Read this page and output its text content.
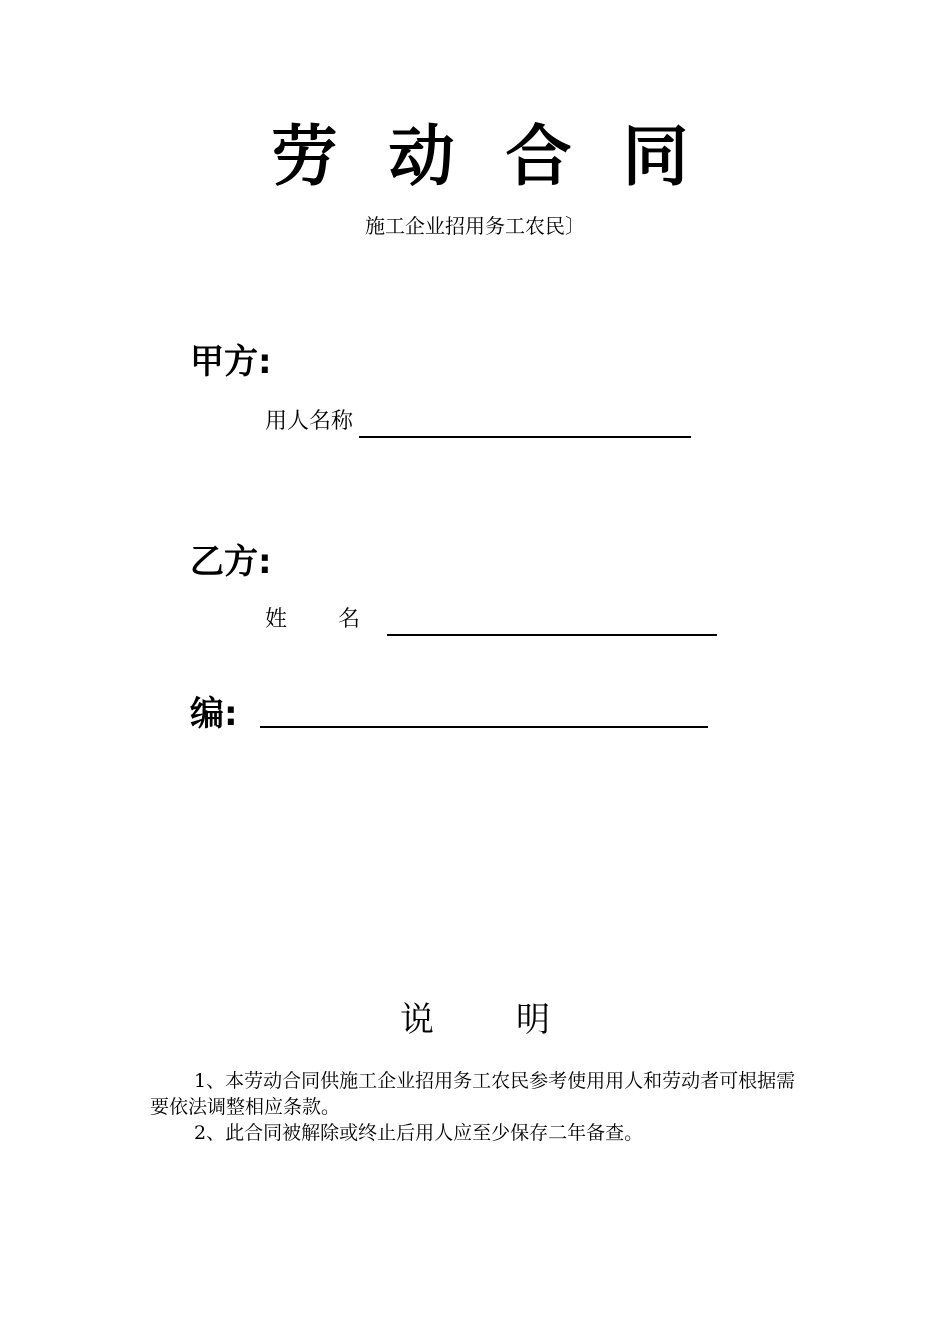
劳 动 合 同
施工企业招用务工农民〕
甲方:
用人名称
乙方:
姓　　 名
编:
说 明

1、本劳动合同供施工企业招用务工农民参考使用用人和劳动者可根据需要依法调整相应条款。

2、此合同被解除或终止后用人应至少保存二年备查。
